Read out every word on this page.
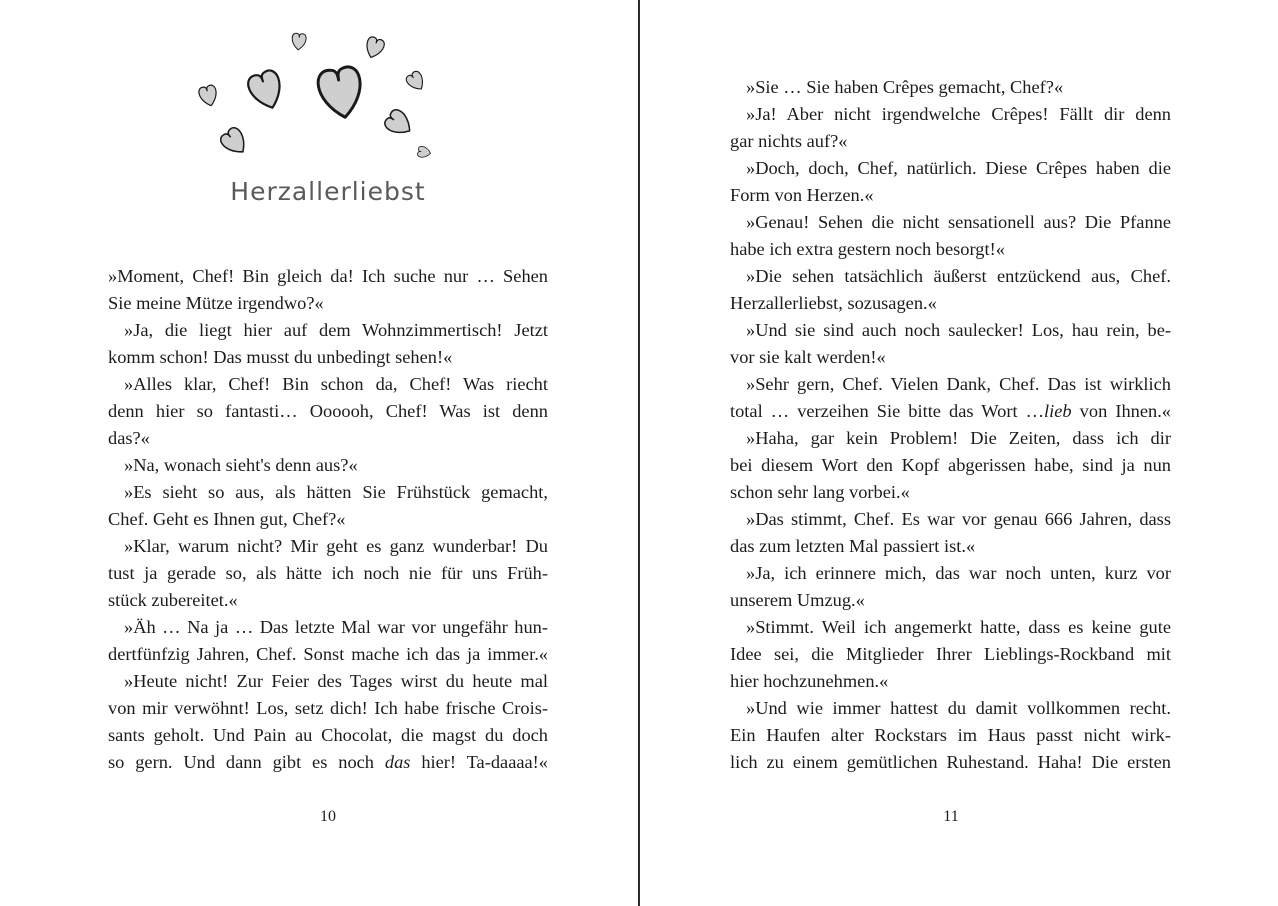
Herzallerliebst
»Moment, Chef! Bin gleich da! Ich suche nur … Sehen
Sie meine Mütze irgendwo?«
»Ja, die liegt hier auf dem Wohnzimmertisch! Jetzt
komm schon! Das musst du unbedingt sehen!«
»Alles klar, Chef! Bin schon da, Chef! Was riecht
denn hier so fantasti… Oooooh, Chef! Was ist denn
das?«
»Na, wonach sieht's denn aus?«
»Es sieht so aus, als hätten Sie Frühstück gemacht,
Chef. Geht es Ihnen gut, Chef?«
»Klar, warum nicht? Mir geht es ganz wunderbar! Du
tust ja gerade so, als hätte ich noch nie für uns Früh-
stück zubereitet.«
»Äh … Na ja … Das letzte Mal war vor ungefähr hun-
dertfünfzig Jahren, Chef. Sonst mache ich das ja immer.«
»Heute nicht! Zur Feier des Tages wirst du heute mal
von mir verwöhnt! Los, setz dich! Ich habe frische Crois-
sants geholt. Und Pain au Chocolat, die magst du doch
so gern. Und dann gibt es noch das hier! Ta-daaaa!«
10
»Sie … Sie haben Crêpes gemacht, Chef?«
»Ja! Aber nicht irgendwelche Crêpes! Fällt dir denn
gar nichts auf?«
»Doch, doch, Chef, natürlich. Diese Crêpes haben die
Form von Herzen.«
»Genau! Sehen die nicht sensationell aus? Die Pfanne
habe ich extra gestern noch besorgt!«
»Die sehen tatsächlich äußerst entzückend aus, Chef.
Herzallerliebst, sozusagen.«
»Und sie sind auch noch saulecker! Los, hau rein, be-
vor sie kalt werden!«
»Sehr gern, Chef. Vielen Dank, Chef. Das ist wirklich
total … verzeihen Sie bitte das Wort …lieb von Ihnen.«
»Haha, gar kein Problem! Die Zeiten, dass ich dir
bei diesem Wort den Kopf abgerissen habe, sind ja nun
schon sehr lang vorbei.«
»Das stimmt, Chef. Es war vor genau 666 Jahren, dass
das zum letzten Mal passiert ist.«
»Ja, ich erinnere mich, das war noch unten, kurz vor
unserem Umzug.«
»Stimmt. Weil ich angemerkt hatte, dass es keine gute
Idee sei, die Mitglieder Ihrer Lieblings-Rockband mit
hier hochzunehmen.«
»Und wie immer hattest du damit vollkommen recht.
Ein Haufen alter Rockstars im Haus passt nicht wirk-
lich zu einem gemütlichen Ruhestand. Haha! Die ersten
11
